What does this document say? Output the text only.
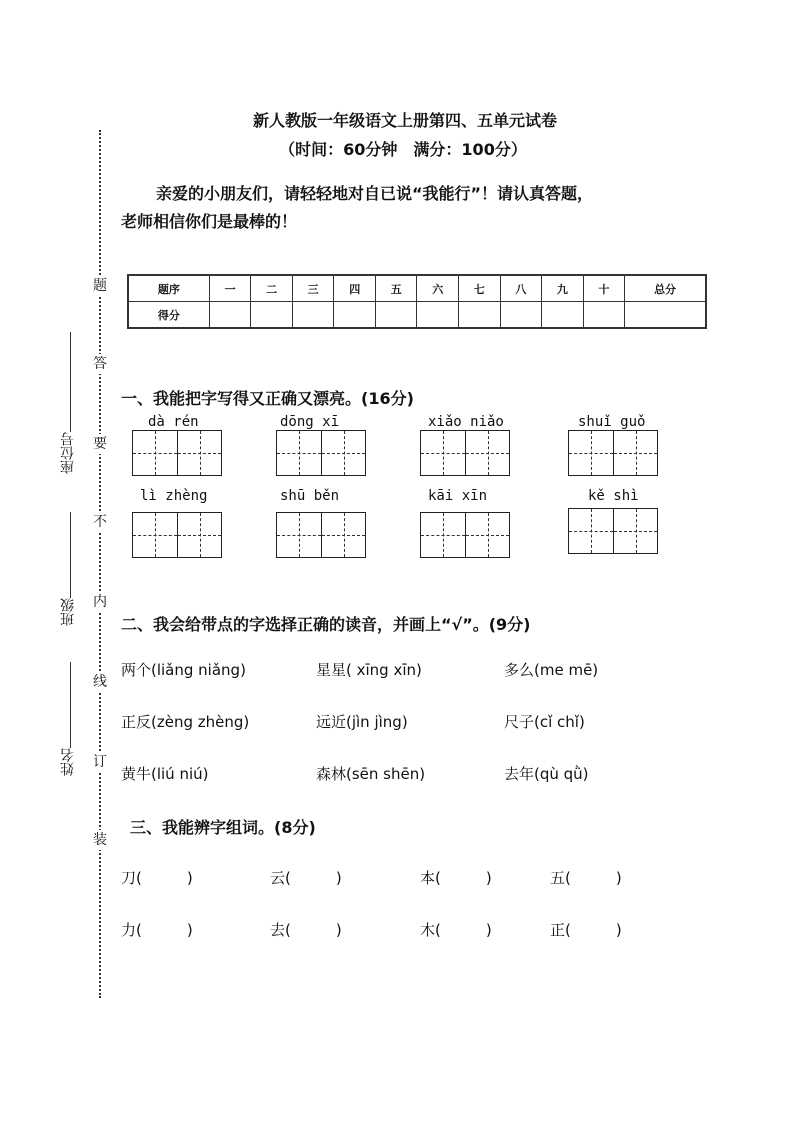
题
答
要
不
内
线
订
装
座位号
班级
姓名
新人教版一年级语文上册第四、五单元试卷
（时间：60分钟　满分：100分）
亲爱的小朋友们，请轻轻地对自已说“我能行”！请认真答题，
老师相信你们是最棒的！
题序	一	二	三	四	五	六	七	八	九	十	总分
得分											
一、我能把字写得又正确又漂亮。(16分)
dà rén	dōng xī	xiǎo niǎo	shuǐ guǒ
lì zhèng	shū běn	kāi xīn	kě shì
二、我会给带点的字选择正确的读音，并画上“√”。(9分)
两个(liǎng niǎng)	星星( xīng xīn)	多么(me mē)
正反(zèng zhèng)	远近(jìn jìng)	尺子(cǐ chǐ)
黄牛(liú niú)	森林(sēn shēn)	去年(qù qǜ)
三、我能辨字组词。(8分)
刀(　　　)	云(　　　)	本(　　　)	五(　　　)
力(　　　)	去(　　　)	木(　　　)	正(　　　)
